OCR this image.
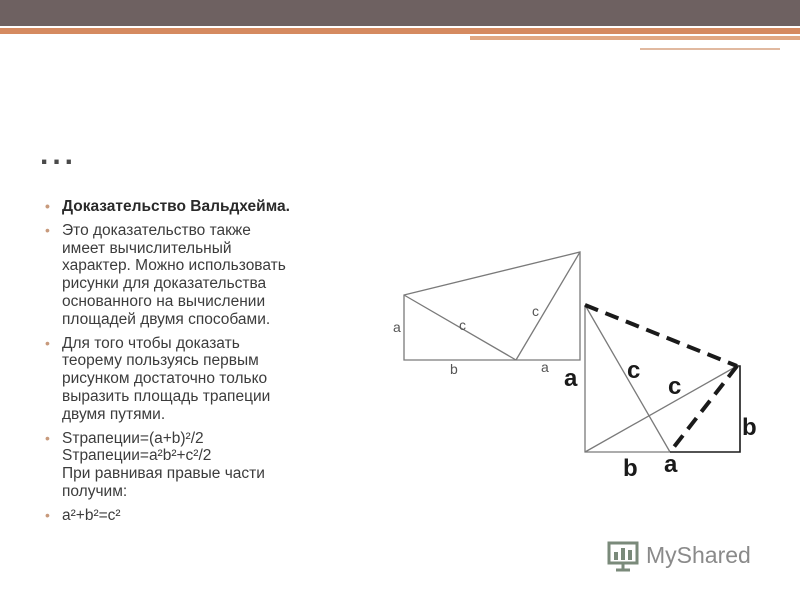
...
• Доказательство Вальдхейма.
• Это доказательство также
имеет вычислительный
характер. Можно использовать
рисунки для доказательства
основанного на вычислении
площадей двумя способами.
• Для того чтобы доказать
теорему пользуясь первым
рисунком достаточно только
выразить площадь трапеции
двумя путями.
• Sтрапеции=(a+b)²/2
Sтрапеции=a²b²+c²/2
При равнивая правые части
получим:
• a²+b²=c²
a	c
c
b	a a c
c
b
b a
MyShared
